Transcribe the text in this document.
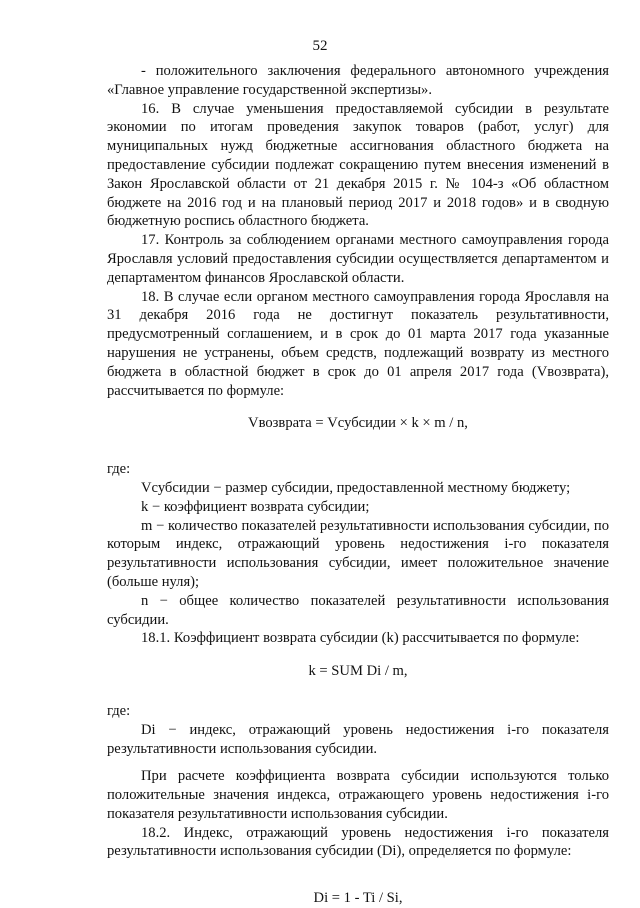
52

- положительного заключения федерального автономного учреждения «Главное управление государственной экспертизы».

16. В случае уменьшения предоставляемой субсидии в результате экономии по итогам проведения закупок товаров (работ, услуг) для муниципальных нужд бюджетные ассигнования областного бюджета на предоставление субсидии подлежат сокращению путем внесения изменений в Закон Ярославской области от 21 декабря 2015 г. № 104-з «Об областном бюджете на 2016 год и на плановый период 2017 и 2018 годов» и в сводную бюджетную роспись областного бюджета.

17. Контроль за соблюдением органами местного самоуправления города Ярославля условий предоставления субсидии осуществляется департаментом и департаментом финансов Ярославской области.

18. В случае если органом местного самоуправления города Ярославля на 31 декабря 2016 года не достигнут показатель результативности, предусмотренный соглашением, и в срок до 01 марта 2017 года указанные нарушения не устранены, объем средств, подлежащий возврату из местного бюджета в областной бюджет в срок до 01 апреля 2017 года (Vвозврата), рассчитывается по формуле:

Vвозврата = Vсубсидии × k × m / n,

где:

Vсубсидии − размер субсидии, предоставленной местному бюджету;

k − коэффициент возврата субсидии;

m − количество показателей результативности использования субсидии, по которым индекс, отражающий уровень недостижения i-го показателя результативности использования субсидии, имеет положительное значение (больше нуля);

n − общее количество показателей результативности использования субсидии.

18.1. Коэффициент возврата субсидии (k) рассчитывается по формуле:

k = SUM Di / m,

где:

Di − индекс, отражающий уровень недостижения i-го показателя результативности использования субсидии.

При расчете коэффициента возврата субсидии используются только положительные значения индекса, отражающего уровень недостижения i-го показателя результативности использования субсидии.

18.2. Индекс, отражающий уровень недостижения i-го показателя результативности использования субсидии (Di), определяется по формуле:

Di = 1 - Ti / Si,
